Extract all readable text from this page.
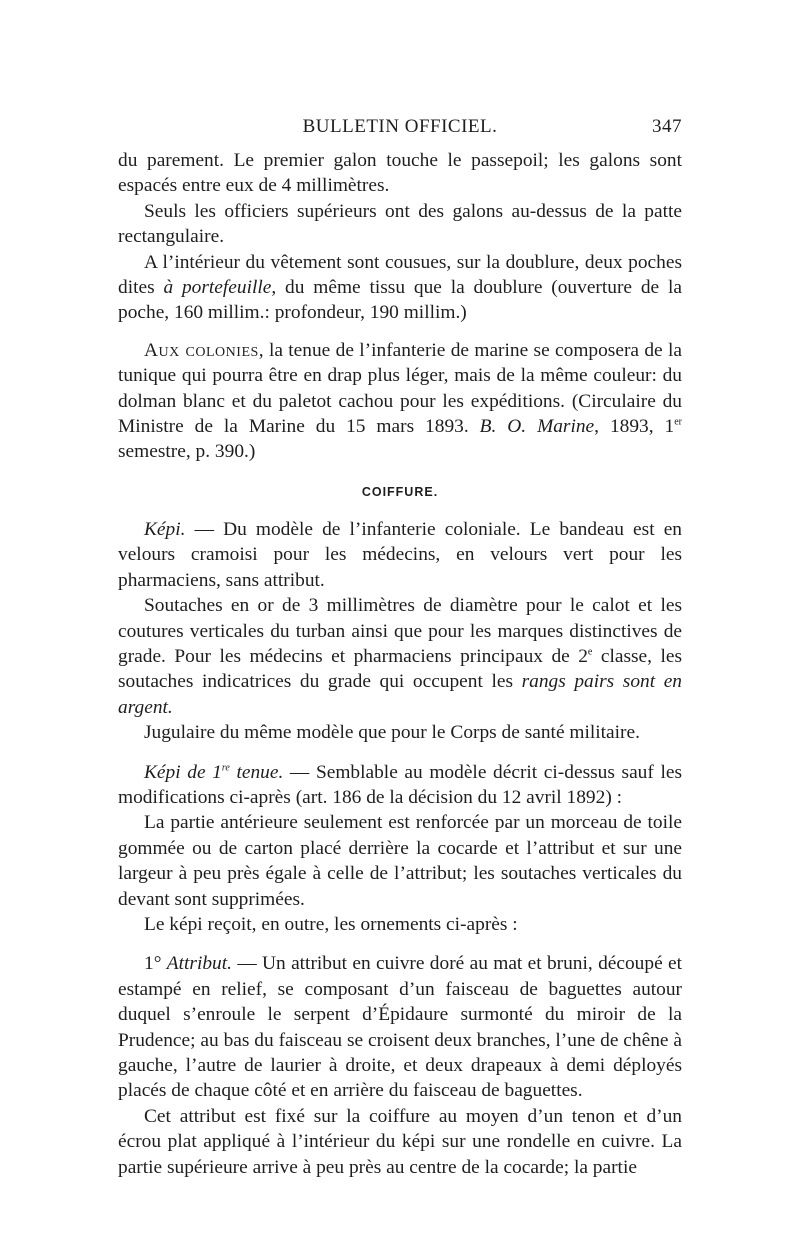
BULLETIN OFFICIEL.	347

du parement. Le premier galon touche le passepoil; les galons sont espacés entre eux de 4 millimètres.

Seuls les officiers supérieurs ont des galons au-dessus de la patte rectangulaire.

A l’intérieur du vêtement sont cousues, sur la doublure, deux poches dites à portefeuille, du même tissu que la doublure (ouverture de la poche, 160 millim.: profondeur, 190 millim.)

Aux colonies, la tenue de l’infanterie de marine se composera de la tunique qui pourra être en drap plus léger, mais de la même couleur: du dolman blanc et du paletot cachou pour les expéditions. (Circulaire du Ministre de la Marine du 15 mars 1893. B. O. Marine, 1893, 1er semestre, p. 390.)

COIFFURE.

Képi. — Du modèle de l’infanterie coloniale. Le bandeau est en velours cramoisi pour les médecins, en velours vert pour les pharmaciens, sans attribut.

Soutaches en or de 3 millimètres de diamètre pour le calot et les coutures verticales du turban ainsi que pour les marques distinctives de grade. Pour les médecins et pharmaciens principaux de 2e classe, les soutaches indicatrices du grade qui occupent les rangs pairs sont en argent.

Jugulaire du même modèle que pour le Corps de santé militaire.

Képi de 1re tenue. — Semblable au modèle décrit ci-dessus sauf les modifications ci-après (art. 186 de la décision du 12 avril 1892) :

La partie antérieure seulement est renforcée par un morceau de toile gommée ou de carton placé derrière la cocarde et l’attribut et sur une largeur à peu près égale à celle de l’attribut; les soutaches verticales du devant sont supprimées.

Le képi reçoit, en outre, les ornements ci-après :

1° Attribut. — Un attribut en cuivre doré au mat et bruni, découpé et estampé en relief, se composant d’un faisceau de baguettes autour duquel s’enroule le serpent d’Épidaure surmonté du miroir de la Prudence; au bas du faisceau se croisent deux branches, l’une de chêne à gauche, l’autre de laurier à droite, et deux drapeaux à demi déployés placés de chaque côté et en arrière du faisceau de baguettes.

Cet attribut est fixé sur la coiffure au moyen d’un tenon et d’un écrou plat appliqué à l’intérieur du képi sur une rondelle en cuivre. La partie supérieure arrive à peu près au centre de la cocarde; la partie
